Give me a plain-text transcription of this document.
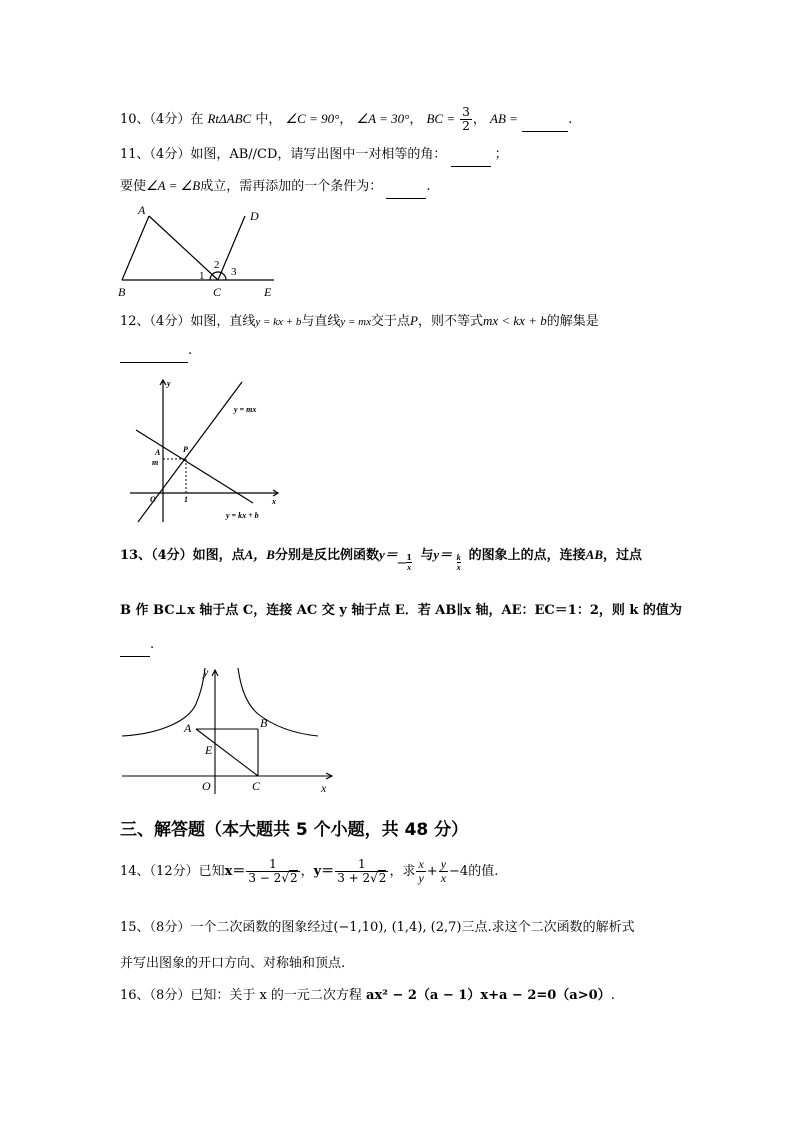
10、（4分）在 RtΔABC 中， ∠C = 90°， ∠A = 30°， BC = $\frac{3}{2}$ ， AB =	.
11、（4分）如图，AB//CD，请写出图中一对相等的角：	；
要使∠A = ∠B成立，需再添加的一个条件为：	.
A
B	C
D
E
1
2
3
12、（4分）如图，直线y = kx + b与直线y = mx交于点P，则不等式mx < kx + b的解集是
.
y
x
A
m
P
O	1
y = mx
y = kx + b
13、（4分）如图，点A，B分别是反比例函数y＝
− $\frac{1}{x}$ 与$y= \frac{k}{x}$ 的图象上的点，连接AB，过点
B 作 BC⊥x 轴于点 C，连接 AC 交 y 轴于点 E．若 AB∥x 轴，AE：EC＝1：2，则 k 的值为
.
y
x
A	B
E
O	C
三、解答题（本大题共 5 个小题，共 48 分）
14、（12分）已知$x= \frac{1}{3 - 2√2}$ ，$y= \frac{1}{3 + 2√2}$ ，求 $\frac{x}{y} + \frac{y}{x} -4$的值.
15、（8分）一个二次函数的图象经过(−1,10), (1,4), (2,7)三点.求这个二次函数的解析式
并写出图象的开口方向、对称轴和顶点.
16、（8分）已知：关于 x 的一元二次方程 ax² − 2（a − 1）x+a − 2=0（a>0）.
